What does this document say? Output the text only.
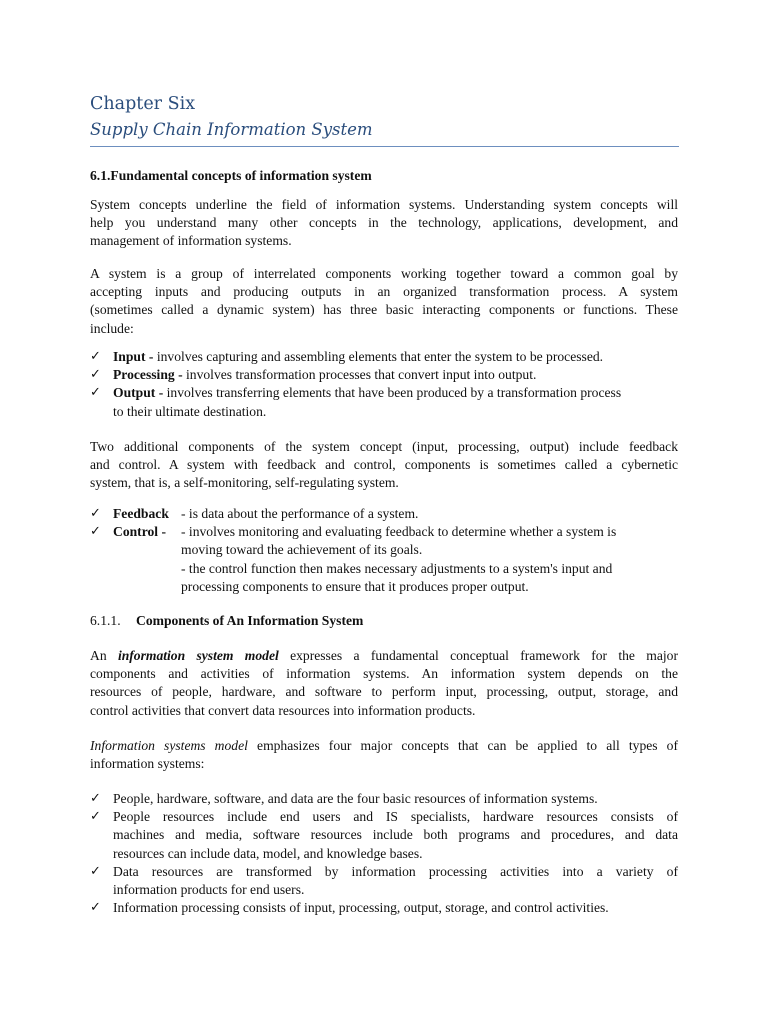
Chapter Six
Supply Chain Information System
6.1.Fundamental concepts of information system

System concepts underline the field of information systems. Understanding system concepts will
help you understand many other concepts in the technology, applications, development, and
management of information systems.

A system is a group of interrelated components working together toward a common goal by
accepting inputs and producing outputs in an organized transformation process. A system
(sometimes called a dynamic system) has three basic interacting components or functions. These
include:

✓ Input - involves capturing and assembling elements that enter the system to be processed.
✓ Processing - involves transformation processes that convert input into output.
✓ Output - involves transferring elements that have been produced by a transformation process
to their ultimate destination.

Two additional components of the system concept (input, processing, output) include feedback
and control. A system with feedback and control, components is sometimes called a cybernetic
system, that is, a self-monitoring, self-regulating system.

✓ Feedback - is data about the performance of a system.
✓ Control - - involves monitoring and evaluating feedback to determine whether a system is
moving toward the achievement of its goals.
- the control function then makes necessary adjustments to a system's input and
processing components to ensure that it produces proper output.
6.1.1. Components of An Information System

An information system model expresses a fundamental conceptual framework for the major
components and activities of information systems. An information system depends on the
resources of people, hardware, and software to perform input, processing, output, storage, and
control activities that convert data resources into information products.

Information systems model emphasizes four major concepts that can be applied to all types of
information systems:

✓ People, hardware, software, and data are the four basic resources of information systems.
✓ People resources include end users and IS specialists, hardware resources consists of
machines and media, software resources include both programs and procedures, and data
resources can include data, model, and knowledge bases.
✓ Data resources are transformed by information processing activities into a variety of
information products for end users.
✓ Information processing consists of input, processing, output, storage, and control activities.
